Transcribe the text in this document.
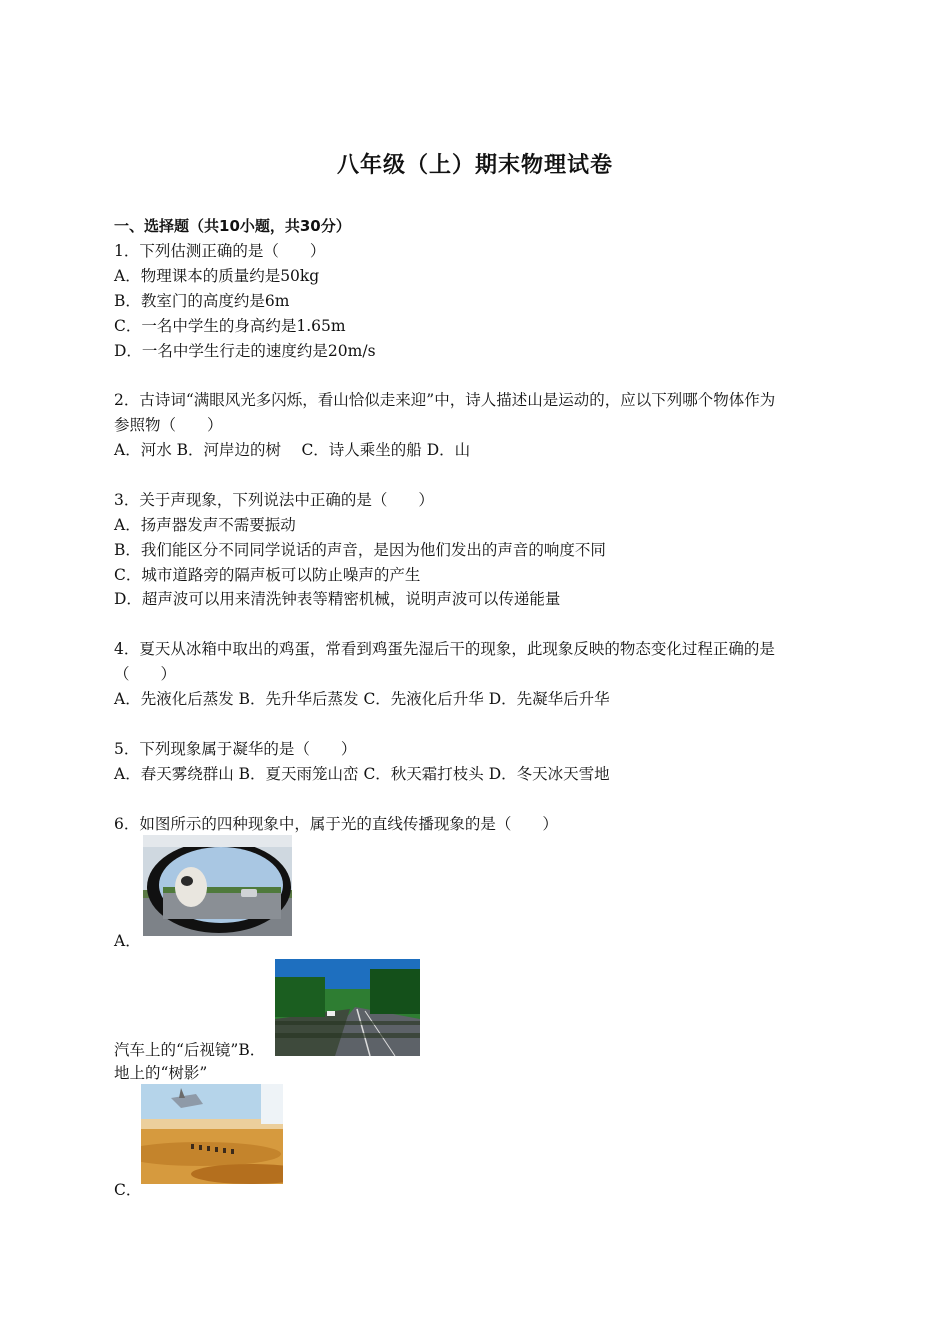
八年级（上）期末物理试卷
一、选择题（共10小题，共30分）
1．下列估测正确的是（　　）
A．物理课本的质量约是50kg
B．教室门的高度约是6m
C．一名中学生的身高约是1.65m
D．一名中学生行走的速度约是20m/s
2．古诗词“满眼风光多闪烁，看山恰似走来迎”中，诗人描述山是运动的，应以下列哪个物体作为
参照物（　　）
A．河水 B．河岸边的树　 C．诗人乘坐的船 D．山
3．关于声现象，下列说法中正确的是（　　）
A．扬声器发声不需要振动
B．我们能区分不同同学说话的声音，是因为他们发出的声音的响度不同
C．城市道路旁的隔声板可以防止噪声的产生
D．超声波可以用来清洗钟表等精密机械，说明声波可以传递能量
4．夏天从冰箱中取出的鸡蛋，常看到鸡蛋先湿后干的现象，此现象反映的物态变化过程正确的是
（　　）
A．先液化后蒸发 B．先升华后蒸发 C．先液化后升华 D．先凝华后升华
5．下列现象属于凝华的是（　　）
A．春天雾绕群山 B．夏天雨笼山峦 C．秋天霜打枝头 D．冬天冰天雪地
6．如图所示的四种现象中，属于光的直线传播现象的是（　　）
A．
汽车上的“后视镜”B．
地上的“树影”
C．
